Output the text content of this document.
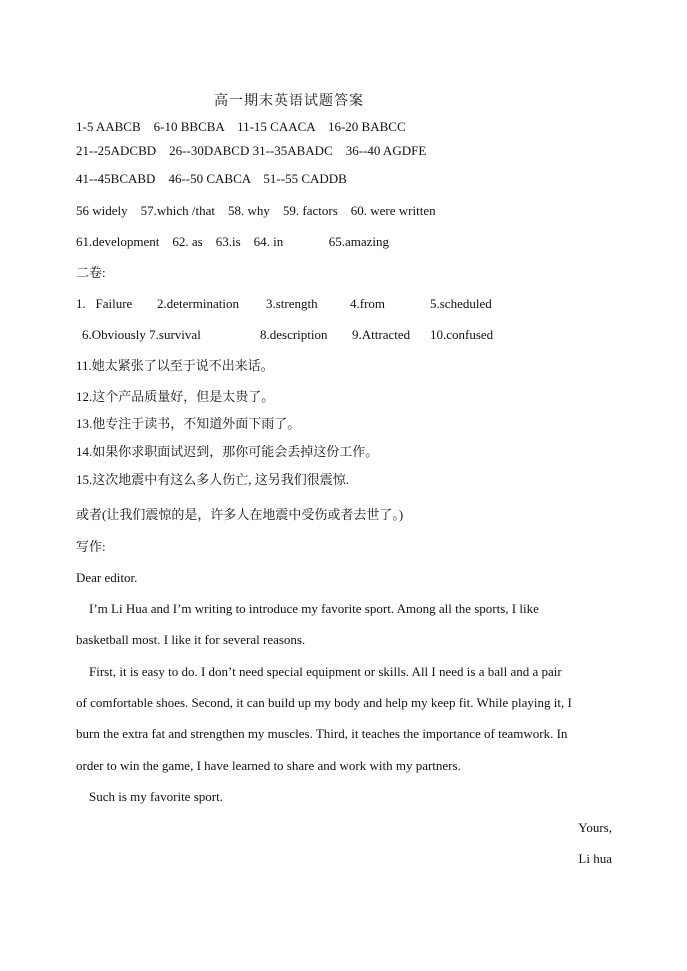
高一期末英语试题答案
1-5 AABCB    6-10 BBCBA    11-15 CAACA    16-20 BABCC
21--25ADCBD    26--30DABCD 31--35ABADC    36--40 AGDFE
41--45BCABD    46--50 CABCA    51--55 CADDB
56 widely    57.which /that    58. why    59. factors    60. were written
61.development    62. as    63.is    64. in              65.amazing
二卷:
1.   Failure 2.determination 3.strength 4.from	5.scheduled
6.Obviously 7.survival	8.description 9.Attracted 10.confused
11.她太紧张了以至于说不出来话。
12.这个产品质量好，但是太贵了。
13.他专注于读书，不知道外面下雨了。
14.如果你求职面试迟到，那你可能会丢掉这份工作。
15.这次地震中有这么多人伤亡, 这另我们很震惊.
或者(让我们震惊的是，许多人在地震中受伤或者去世了。)
写作:
Dear editor.
I’m Li Hua and I’m writing to introduce my favorite sport. Among all the sports, I like
basketball most. I like it for several reasons.
First, it is easy to do. I don’t need special equipment or skills. All I need is a ball and a pair
of comfortable shoes. Second, it can build up my body and help my keep fit. While playing it, I
burn the extra fat and strengthen my muscles. Third, it teaches the importance of teamwork. In
order to win the game, I have learned to share and work with my partners.
Such is my favorite sport.
Yours,
Li hua
